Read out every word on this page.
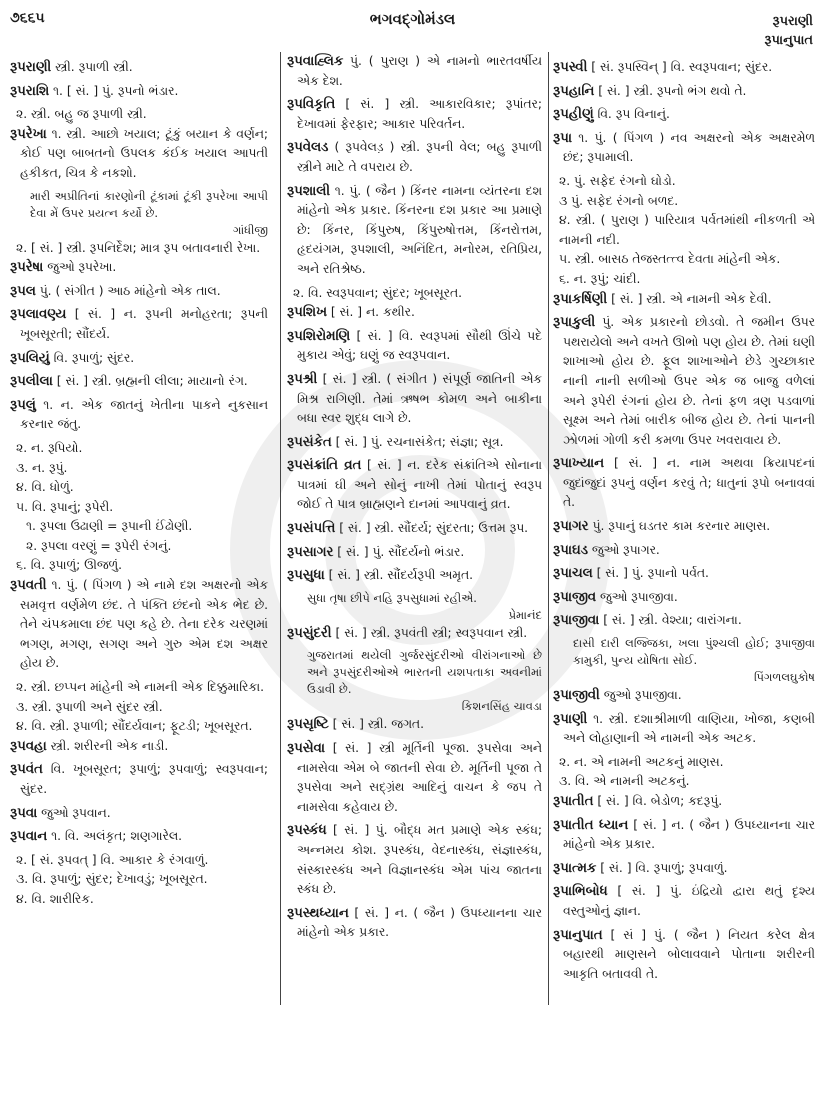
૭૬૬૫	ભગવદ્ગોમંડલ	રૂપરાણી
રૂપાનુપાત
રૂપરાણી સ્ત્રી. રૂપાળી સ્ત્રી.
રૂપરાશિ ૧. [ સં. ] પું. રૂપનો ભંડાર.
૨. સ્ત્રી. બહુ જ રૂપાળી સ્ત્રી.
રૂપરેખા ૧. સ્ત્રી. આછો ખયાલ; ટૂંકું બયાન કે વર્ણન; કોઈ પણ બાબતનો ઉપલક કંઈક ખયાલ આપતી હકીકત, ચિત્ર કે નકશો.
મારી અપ્રીતિનાં કારણોની ટૂંકામાં ટૂંકી રૂપરેખા આપી દેવા મેં ઉપર પ્રયત્ન કર્યો છે.
ગાંધીજી
૨. [ સં. ] સ્ત્રી. રૂપનિર્દેશ; માત્ર રૂપ બતાવનારી રેખા.
રૂપરેષા જુઓ રૂપરેખા.
રૂપલ પું. ( સંગીત ) આઠ માંહેનો એક તાલ.
રૂપલાવણ્ય [ સં. ] ન. રૂપની મનોહરતા; રૂપની ખૂબસૂરતી; સૌંદર્ય.
રૂપલિયું વિ. રૂપાળું; સુંદર.
રૂપલીલા [ સં. ] સ્ત્રી. બ્રહ્મની લીલા; માયાનો રંગ.
રૂપલું ૧. ન. એક જાતનું ખેતીના પાકને નુકસાન કરનાર જંતુ.
૨. ન. રૂપિયો.
૩. ન. રૂપું.
૪. વિ. ધોળું.
૫. વિ. રૂપાનું; રૂપેરી.
૧. રૂપલા ઉઢાણી = રૂપાની ઈંઢોણી.
૨. રૂપલા વરણું = રૂપેરી રંગનું.
૬. વિ. રૂપાળું; ઊજળું.
રૂપવતી ૧. પું. ( પિંગળ ) એ નામે દશ અક્ષરનો એક સમવૃત્ત વર્ણમેળ છંદ. તે પંક્તિ છંદનો એક ભેદ છે. તેને ચંપકમાલા છંદ પણ કહે છે. તેના દરેક ચરણમાં ભગણ, મગણ, સગણ અને ગુરુ એમ દશ અક્ષર હોય છે.
૨. સ્ત્રી. છપ્પન માંહેની એ નામની એક દિક્કુમારિકા.
૩. સ્ત્રી. રૂપાળી અને સુંદર સ્ત્રી.
૪. વિ. સ્ત્રી. રૂપાળી; સૌંદર્યવાન; ફૂટડી; ખૂબસૂરત.
રૂપવહા સ્ત્રી. શરીરની એક નાડી.
રૂપવંત વિ. ખૂબસૂરત; રૂપાળું; રૂપવાળું; સ્વરૂપવાન; સુંદર.
રૂપવા જુઓ રૂપવાન.
રૂપવાન ૧. વિ. અલંકૃત; શણગારેલ.
૨. [ સં. રૂપવત્ ] વિ. આકાર કે રંગવાળું.
૩. વિ. રૂપાળું; સુંદર; દેખાવડું; ખૂબસૂરત.
૪. વિ. શારીરિક.
રૂપવાહ્લિક પું. ( પુરાણ ) એ નામનો ભારતવર્ષીય એક દેશ.
રૂપવિકૃતિ [ સં. ] સ્ત્રી. આકારવિકાર; રૂપાંતર; દેખાવમાં ફેરફાર; આકાર પરિવર્તન.
રૂપવેલડ ( રૂપવેલડ઼ ) સ્ત્રી. રૂપની વેલ; બહુ રૂપાળી સ્ત્રીને માટે તે વપરાય છે.
રૂપશાલી ૧. પું. ( જૈન ) કિંનર નામના વ્યંતરના દશ માંહેનો એક પ્રકાર. કિંનરના દશ પ્રકાર આ પ્રમાણે છે: કિંનર, કિંપુરુષ, કિંપુરુષોત્તમ, કિંનરોત્તમ, હૃદયંગમ, રૂપશાલી, અનિંદિત, મનોરમ, રતિપ્રિય, અને રતિશ્રેષ્ઠ.
૨. વિ. સ્વરૂપવાન; સુંદર; ખૂબસૂરત.
રૂપશિખ [ સં. ] ન. કથીર.
રૂપશિરોમણિ [ સં. ] વિ. સ્વરૂપમાં સૌથી ઊંચે પદે મુકાય એવું; ઘણું જ સ્વરૂપવાન.
રૂપશ્રી [ સં. ] સ્ત્રી. ( સંગીત ) સંપૂર્ણ જાતિની એક મિશ્ર રાગિણી. તેમાં ઋષભ કોમળ અને બાકીના બધા સ્વર શુદ્ધ લાગે છે.
રૂપસંકેત [ સં. ] પું. રચનાસંકેત; સંજ્ઞા; સૂત્ર.
રૂપસંક્રાંતિ વ્રત [ સં. ] ન. દરેક સંક્રાંતિએ સોનાના પાત્રમાં ઘી અને સોનું નાખી તેમાં પોતાનું સ્વરૂપ જોઈ તે પાત્ર બ્રાહ્મણને દાનમાં આપવાનું વ્રત.
રૂપસંપત્તિ [ સં. ] સ્ત્રી. સૌંદર્ય; સુંદરતા; ઉત્તમ રૂપ.
રૂપસાગર [ સં. ] પું. સૌંદર્યનો ભંડાર.
રૂપસુધા [ સં. ] સ્ત્રી. સૌંદર્યરૂપી અમૃત.
સુધા તૃષા છીપે નહિ રૂપસુધામાં રહીએ.
પ્રેમાનંદ
રૂપસુંદરી [ સં. ] સ્ત્રી. રૂપવંતી સ્ત્રી; સ્વરૂપવાન સ્ત્રી.
ગુજરાતમાં થયેલી ગુર્જરસુંદરીઓ વીરાંગનાઓ છે અને રૂપસુંદરીઓએ ભારતની યશપતાકા અવનીમાં ઉડાવી છે.
કિશનસિંહ ચાવડા
રૂપસૃષ્ટિ [ સં. ] સ્ત્રી. જગત.
રૂપસેવા [ સં. ] સ્ત્રી મૂર્તિની પૂજા. રૂપસેવા અને નામસેવા એમ બે જાતની સેવા છે. મૂર્તિની પૂજા તે રૂપસેવા અને સદ્ગ્રંથ આદિનું વાચન કે જપ તે નામસેવા કહેવાય છે.
રૂપસ્કંધ [ સં. ] પું. બૌદ્ધ મત પ્રમાણે એક સ્કંધ; અન્નમય કોશ. રૂપસ્કંધ, વેદનાસ્કંધ, સંજ્ઞાસ્કંધ, સંસ્કારસ્કંધ અને વિજ્ઞાનસ્કંધ એમ પાંચ જાતના સ્કંધ છે.
રૂપસ્થધ્યાન [ સં. ] ન. ( જૈન ) ઉપધ્યાનના ચાર માંહેનો એક પ્રકાર.
રૂપસ્વી [ સં. રૂપસ્વિન્ ] વિ. સ્વરૂપવાન; સુંદર.
રૂપહાનિ [ સં. ] સ્ત્રી. રૂપનો ભંગ થવો તે.
રૂપહીણું વિ. રૂપ વિનાનું.
રૂપા ૧. પું. ( પિંગળ ) નવ અક્ષરનો એક અક્ષરમેળ છંદ; રૂપામાલી.
૨. પું. સફેદ રંગનો ઘોડો.
૩ પું. સફેદ રંગનો બળદ.
૪. સ્ત્રી. ( પુરાણ ) પારિયાત્ર પર્વતમાંથી નીકળતી એ નામની નદી.
૫. સ્ત્રી. બાસઠ તેજસ્તત્ત્વ દેવતા માંહેની એક.
૬. ન. રૂપું; ચાંદી.
રૂપાકર્ષિણી [ સં. ] સ્ત્રી. એ નામની એક દેવી.
રૂપાકુલી પું. એક પ્રકારનો છોડવો. તે જમીન ઉપર પથરાયેલો અને વખતે ઊભો પણ હોય છે. તેમાં ઘણી શાખાઓ હોય છે. ફૂલ શાખાઓને છેડે ગુચ્છાકાર નાની નાની સળીઓ ઉપર એક જ બાજુ વળેલાં અને રૂપેરી રંગનાં હોય છે. તેનાં ફળ ત્રણ પડવાળાં સૂક્ષ્મ અને તેમાં બારીક બીજ હોય છે. તેનાં પાનની ઝોળમાં ગોળી કરી કમળા ઉપર ખવરાવાય છે.
રૂપાખ્યાન [ સં. ] ન. નામ અથવા ક્રિયાપદનાં જુદાંજુદાં રૂપનું વર્ણન કરવું તે; ધાતુનાં રૂપો બનાવવાં તે.
રૂપાગર પું. રૂપાનું ઘડતર કામ કરનાર માણસ.
રૂપાઘડ જુઓ રૂપાગર.
રૂપાચલ [ સં. ] પું. રૂપાનો પર્વત.
રૂપાજીવ જુઓ રૂપાજીવા.
રૂપાજીવા [ સં. ] સ્ત્રી. વેશ્યા; વારાંગના.
દાસી દારી લજ્જિકા, ખલા પુંશ્ચલી હોઈ; રૂપાજીવા કામુકી, પુન્ય યોષિતા સોઈ.
પિંગળલઘુકોષ
રૂપાજીવી જુઓ રૂપાજીવા.
રૂપાણી ૧. સ્ત્રી. દશાશ્રીમાળી વાણિયા, ખોજા, કણબી અને લોહાણાની એ નામની એક અટક.
૨. ન. એ નામની અટકનું માણસ.
૩. વિ. એ નામની અટકનું.
રૂપાતીત [ સં. ] વિ. બેડોળ; કદરૂપું.
રૂપાતીત ધ્યાન [ સં. ] ન. ( જૈન ) ઉપધ્યાનના ચાર માંહેનો એક પ્રકાર.
રૂપાત્મક [ સં. ] વિ. રૂપાળું; રૂપવાળું.
રૂપાભિબોધ [ સં. ] પું. ઇંદ્રિયો દ્વારા થતું દૃશ્ય વસ્તુઓનું જ્ઞાન.
રૂપાનુપાત [ સં ] પું. ( જૈન ) નિયત કરેલ ક્ષેત્ર બહારથી માણસને બોલાવવાને પોતાના શરીરની આકૃતિ બતાવવી તે.
